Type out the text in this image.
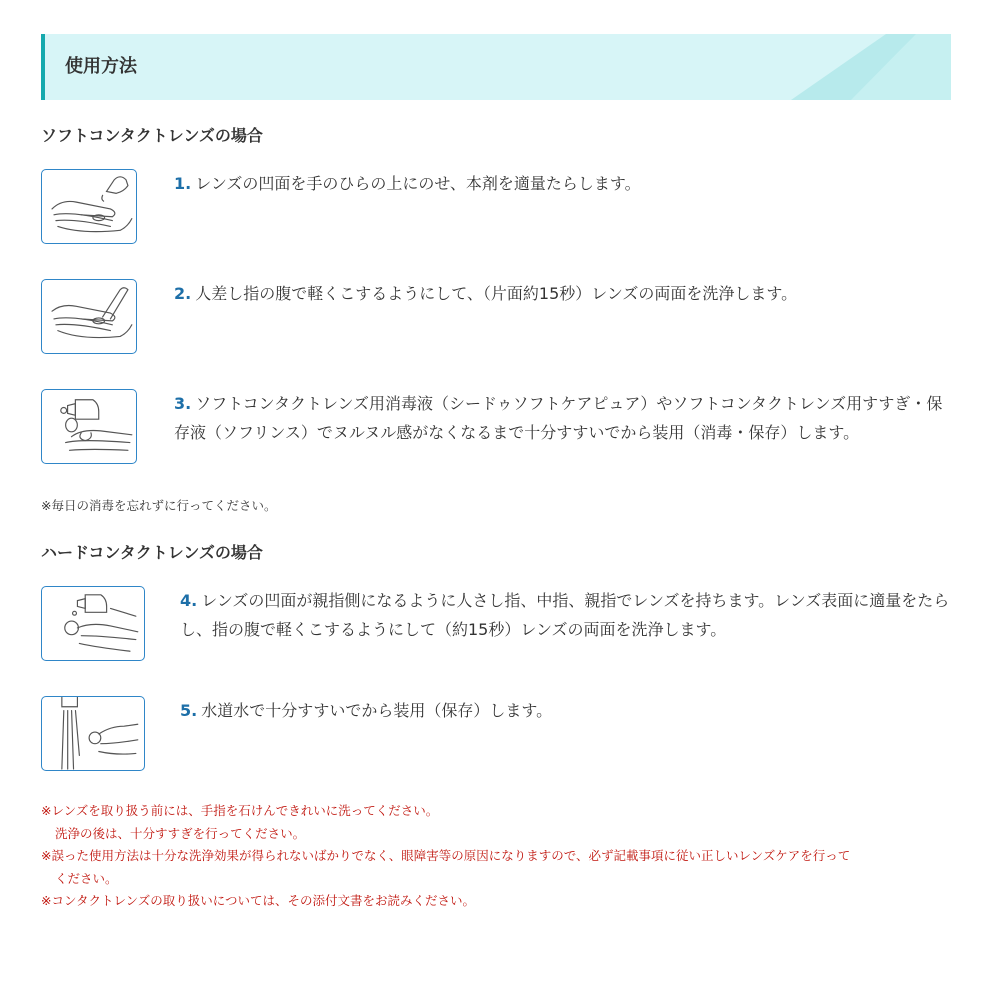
使用方法
ソフトコンタクトレンズの場合

1. レンズの凹面を手のひらの上にのせ、本剤を適量たらします。

2. 人差し指の腹で軽くこするようにして、（片面約15秒）レンズの両面を洗浄します。

3. ソフトコンタクトレンズ用消毒液（シードゥソフトケアピュア）やソフトコンタクトレンズ用すすぎ・保存液（ソフリンス）でヌルヌル感がなくなるまで十分すすいでから装用（消毒・保存）します。

※毎日の消毒を忘れずに行ってください。

ハードコンタクトレンズの場合

4. レンズの凹面が親指側になるように人さし指、中指、親指でレンズを持ちます。レンズ表面に適量をたらし、指の腹で軽くこするようにして（約15秒）レンズの両面を洗浄します。

5. 水道水で十分すすいでから装用（保存）します。

※レンズを取り扱う前には、手指を石けんできれいに洗ってください。
洗浄の後は、十分すすぎを行ってください。
※誤った使用方法は十分な洗浄効果が得られないばかりでなく、眼障害等の原因になりますので、必ず記載事項に従い正しいレンズケアを行って
ください。
※コンタクトレンズの取り扱いについては、その添付文書をお読みください。
